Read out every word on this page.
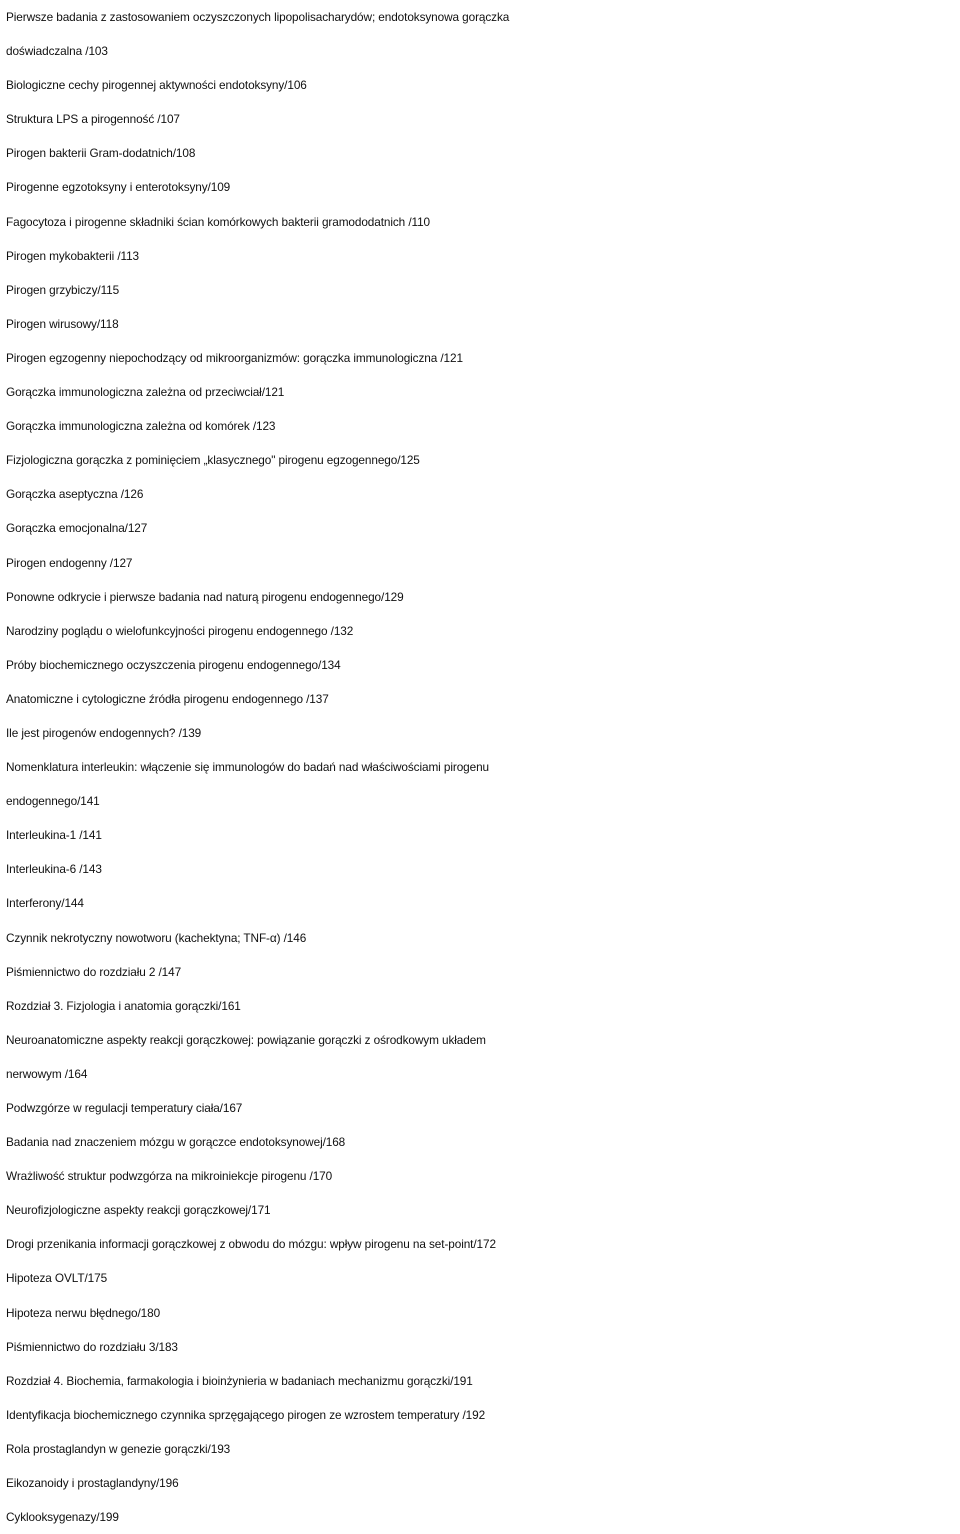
Pierwsze badania z zastosowaniem oczyszczonych lipopolisacharydów; endotoksynowa gorączka
doświadczalna /103
Biologiczne cechy pirogennej aktywności endotoksyny/106
Struktura LPS a pirogenność /107
Pirogen bakterii Gram-dodatnich/108
Pirogenne egzotoksyny i enterotoksyny/109
Fagocytoza i pirogenne składniki ścian komórkowych bakterii gramododatnich /110
Pirogen mykobakterii /113
Pirogen grzybiczy/115
Pirogen wirusowy/118
Pirogen egzogenny niepochodzący od mikroorganizmów: gorączka immunologiczna /121
Gorączka immunologiczna zależna od przeciwciał/121
Gorączka immunologiczna zależna od komórek /123
Fizjologiczna gorączka z pominięciem „klasycznego" pirogenu egzogennego/125
Gorączka aseptyczna /126
Gorączka emocjonalna/127
Pirogen endogenny /127
Ponowne odkrycie i pierwsze badania nad naturą pirogenu endogennego/129
Narodziny poglądu o wielofunkcyjności pirogenu endogennego /132
Próby biochemicznego oczyszczenia pirogenu endogennego/134
Anatomiczne i cytologiczne źródła pirogenu endogennego /137
Ile jest pirogenów endogennych? /139
Nomenklatura interleukin: włączenie się immunologów do badań nad właściwościami pirogenu
endogennego/141
Interleukina-1 /141
Interleukina-6 /143
Interferony/144
Czynnik nekrotyczny nowotworu (kachektyna; TNF-α) /146
Piśmiennictwo do rozdziału 2 /147
Rozdział 3. Fizjologia i anatomia gorączki/161
Neuroanatomiczne aspekty reakcji gorączkowej: powiązanie gorączki z ośrodkowym układem
nerwowym /164
Podwzgórze w regulacji temperatury ciała/167
Badania nad znaczeniem mózgu w gorączce endotoksynowej/168
Wrażliwość struktur podwzgórza na mikroiniekcje pirogenu /170
Neurofizjologiczne aspekty reakcji gorączkowej/171
Drogi przenikania informacji gorączkowej z obwodu do mózgu: wpływ pirogenu na set-point/172
Hipoteza OVLT/175
Hipoteza nerwu błędnego/180
Piśmiennictwo do rozdziału 3/183
Rozdział 4. Biochemia, farmakologia i bioinżynieria w badaniach mechanizmu gorączki/191
Identyfikacja biochemicznego czynnika sprzęgającego pirogen ze wzrostem temperatury /192
Rola prostaglandyn w genezie gorączki/193
Eikozanoidy i prostaglandyny/196
Cyklooksygenazy/199
